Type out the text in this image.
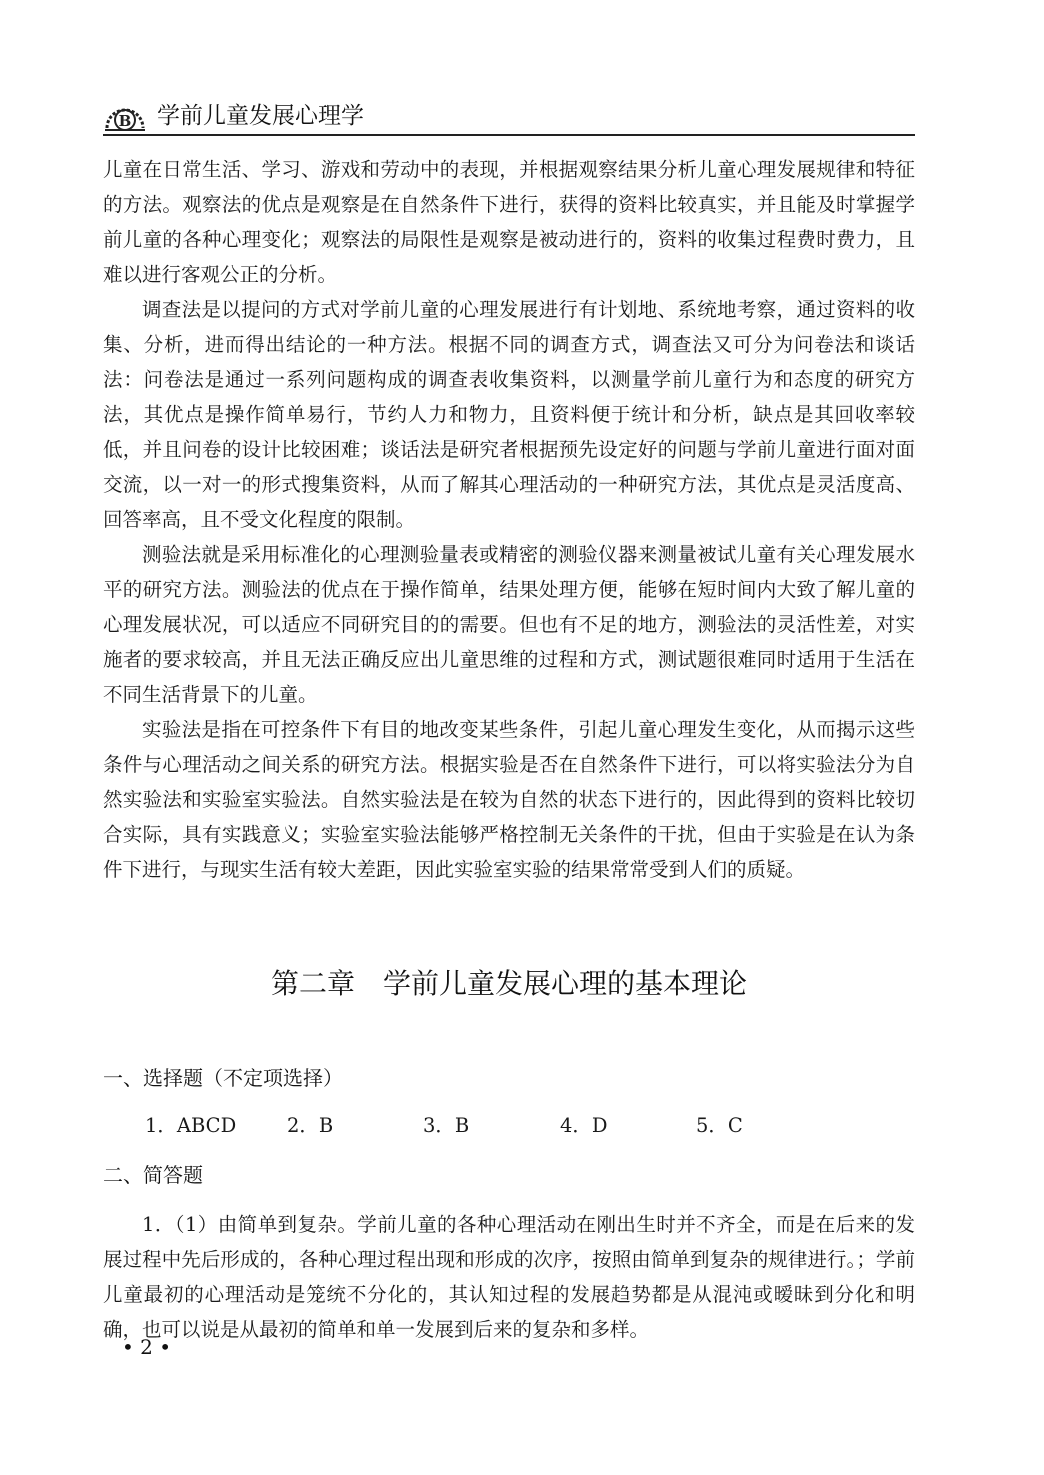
B 学前儿童发展心理学

儿童在日常生活、学习、游戏和劳动中的表现，并根据观察结果分析儿童心理发展规律和特征的方法。观察法的优点是观察是在自然条件下进行，获得的资料比较真实，并且能及时掌握学前儿童的各种心理变化；观察法的局限性是观察是被动进行的，资料的收集过程费时费力，且难以进行客观公正的分析。

调查法是以提问的方式对学前儿童的心理发展进行有计划地、系统地考察，通过资料的收集、分析，进而得出结论的一种方法。根据不同的调查方式，调查法又可分为问卷法和谈话法：问卷法是通过一系列问题构成的调查表收集资料，以测量学前儿童行为和态度的研究方法，其优点是操作简单易行，节约人力和物力，且资料便于统计和分析，缺点是其回收率较低，并且问卷的设计比较困难；谈话法是研究者根据预先设定好的问题与学前儿童进行面对面交流，以一对一的形式搜集资料，从而了解其心理活动的一种研究方法，其优点是灵活度高、回答率高，且不受文化程度的限制。

测验法就是采用标准化的心理测验量表或精密的测验仪器来测量被试儿童有关心理发展水平的研究方法。测验法的优点在于操作简单，结果处理方便，能够在短时间内大致了解儿童的心理发展状况，可以适应不同研究目的的需要。但也有不足的地方，测验法的灵活性差，对实施者的要求较高，并且无法正确反应出儿童思维的过程和方式，测试题很难同时适用于生活在不同生活背景下的儿童。

实验法是指在可控条件下有目的地改变某些条件，引起儿童心理发生变化，从而揭示这些条件与心理活动之间关系的研究方法。根据实验是否在自然条件下进行，可以将实验法分为自然实验法和实验室实验法。自然实验法是在较为自然的状态下进行的，因此得到的资料比较切合实际，具有实践意义；实验室实验法能够严格控制无关条件的干扰，但由于实验是在认为条件下进行，与现实生活有较大差距，因此实验室实验的结果常常受到人们的质疑。

第二章　学前儿童发展心理的基本理论
一、选择题（不定项选择）
1．ABCD	2．B	3．B	4．D	5．C
二、简答题

1．（1）由简单到复杂。学前儿童的各种心理活动在刚出生时并不齐全，而是在后来的发展过程中先后形成的，各种心理过程出现和形成的次序，按照由简单到复杂的规律进行。；学前儿童最初的心理活动是笼统不分化的，其认知过程的发展趋势都是从混沌或暧昧到分化和明确，也可以说是从最初的简单和单一发展到后来的复杂和多样。

• 2 •
